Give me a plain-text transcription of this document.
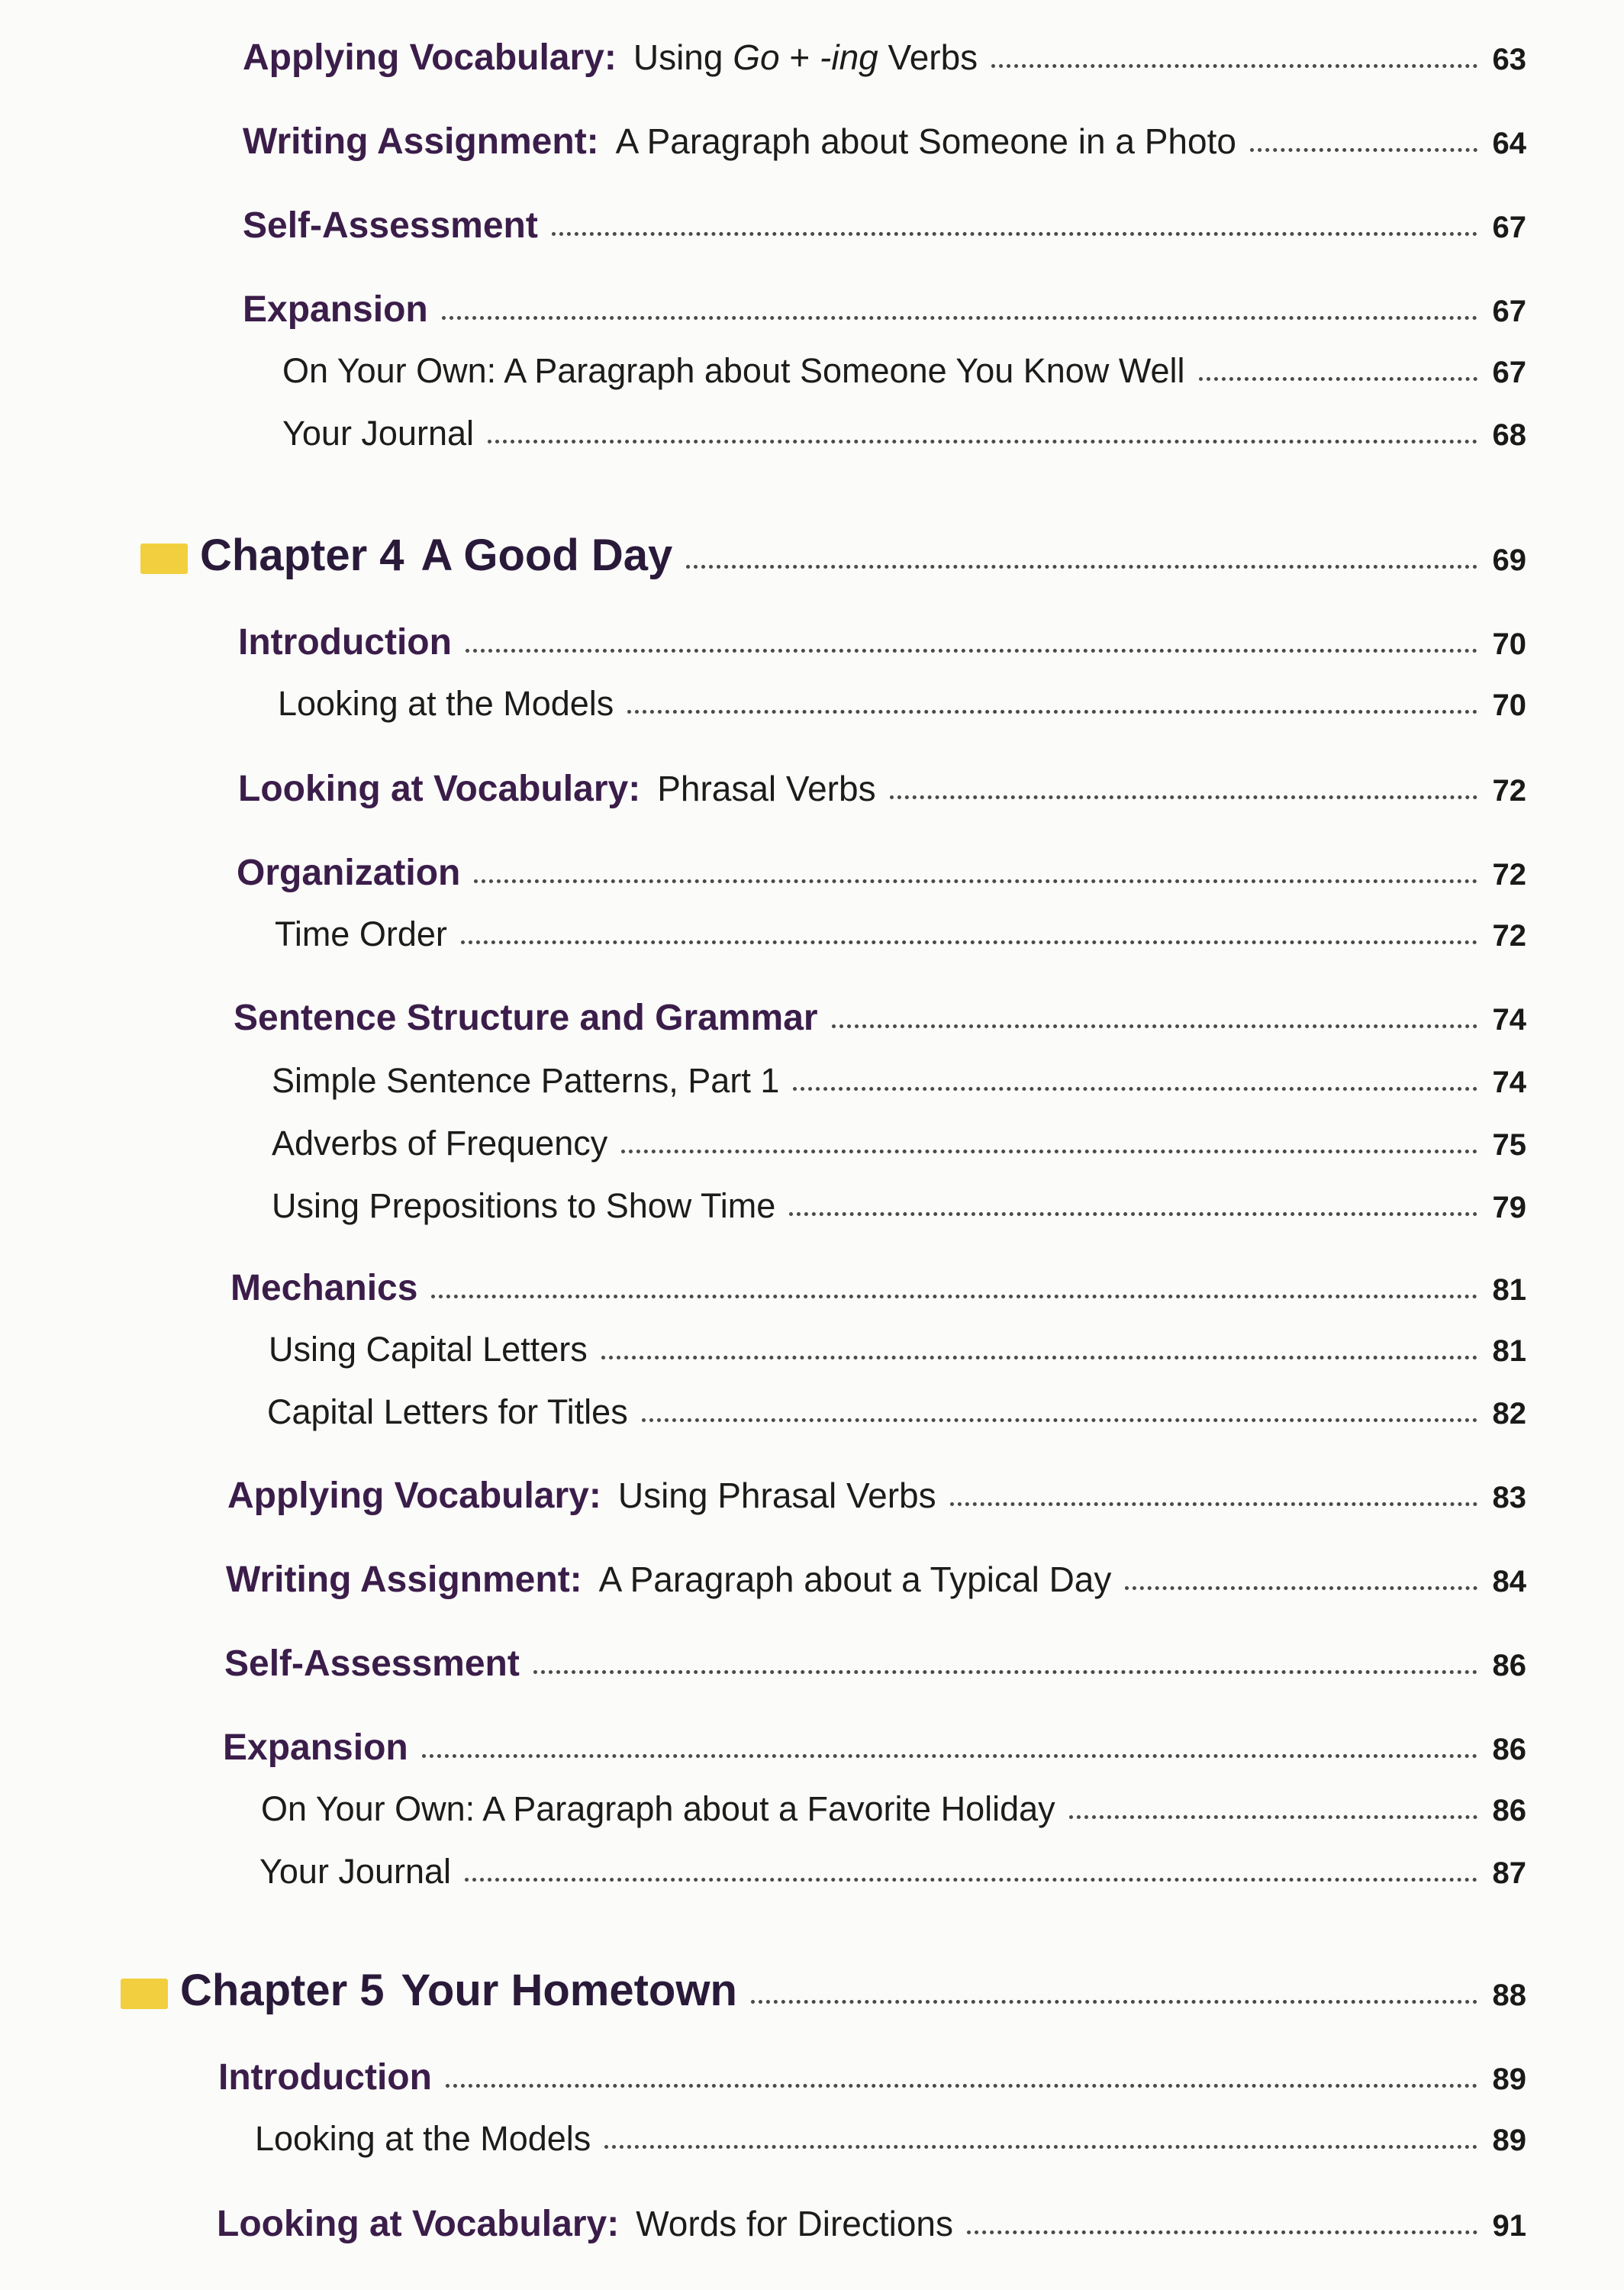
Applying Vocabulary: Using Go + -ing Verbs	63
Writing Assignment: A Paragraph about Someone in a Photo	64
Self-Assessment	67
Expansion	67
On Your Own: A Paragraph about Someone You Know Well	67
Your Journal	68
Chapter 4 A Good Day	69
Introduction	70
Looking at the Models	70
Looking at Vocabulary: Phrasal Verbs	72
Organization	72
Time Order	72
Sentence Structure and Grammar	74
Simple Sentence Patterns, Part 1	74
Adverbs of Frequency	75
Using Prepositions to Show Time	79
Mechanics	81
Using Capital Letters	81
Capital Letters for Titles	82
Applying Vocabulary: Using Phrasal Verbs	83
Writing Assignment: A Paragraph about a Typical Day	84
Self-Assessment	86
Expansion	86
On Your Own: A Paragraph about a Favorite Holiday	86
Your Journal	87
Chapter 5 Your Hometown	88
Introduction	89
Looking at the Models	89
Looking at Vocabulary: Words for Directions	91
